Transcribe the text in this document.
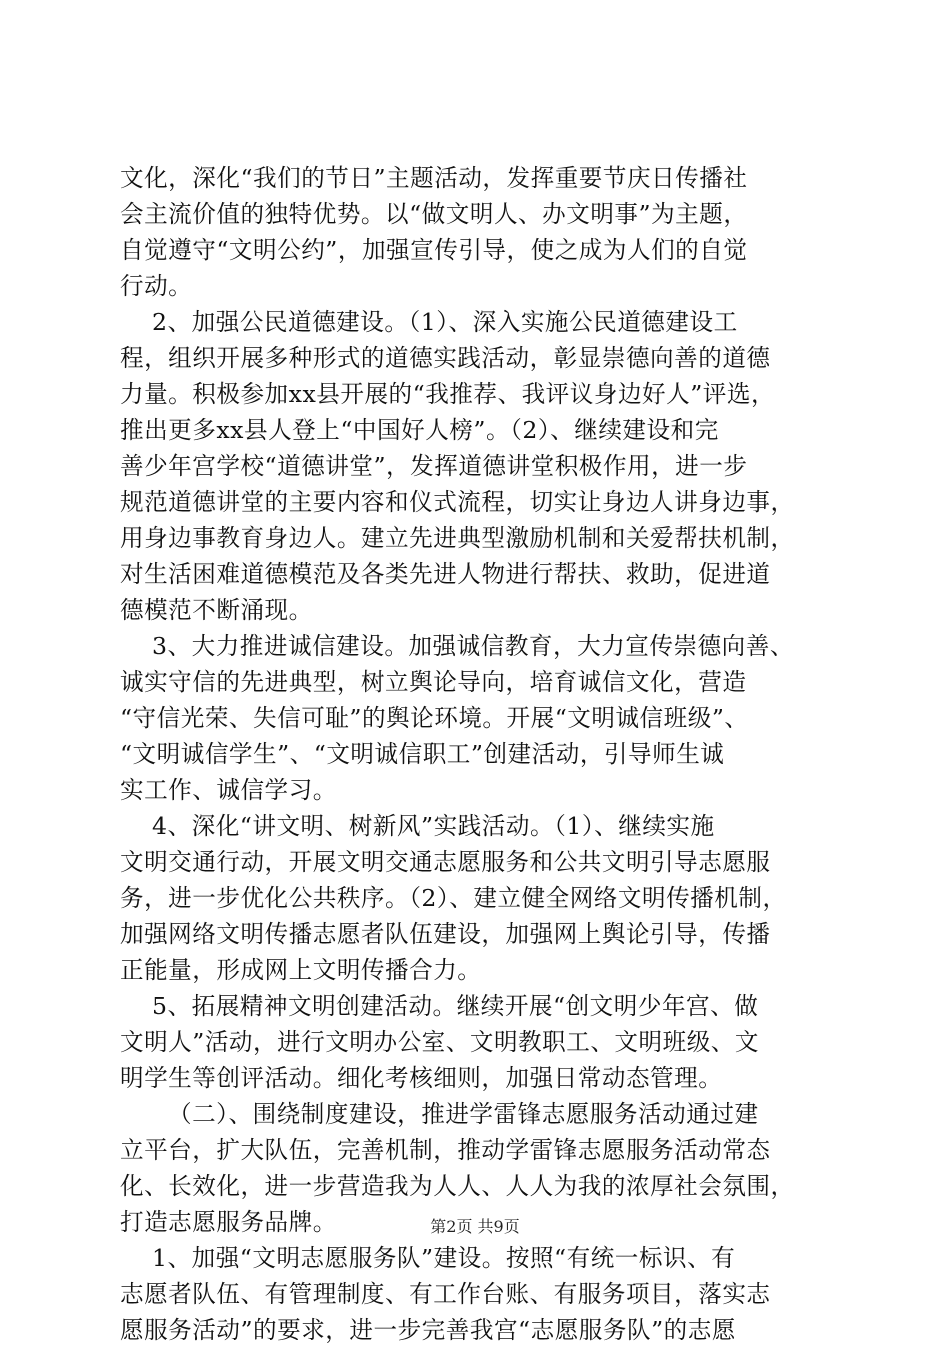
文化，深化“我们的节日”主题活动，发挥重要节庆日传播社
会主流价值的独特优势。以“做文明人、办文明事”为主题，
自觉遵守“文明公约”，加强宣传引导，使之成为人们的自觉
行动。
2、加强公民道德建设。（1）、深入实施公民道德建设工
程，组织开展多种形式的道德实践活动，彰显崇德向善的道德
力量。积极参加xx县开展的“我推荐、我评议身边好人”评选，
推出更多xx县人登上“中国好人榜”。（2）、继续建设和完
善少年宫学校“道德讲堂”，发挥道德讲堂积极作用，进一步
规范道德讲堂的主要内容和仪式流程，切实让身边人讲身边事，
用身边事教育身边人。建立先进典型激励机制和关爱帮扶机制，
对生活困难道德模范及各类先进人物进行帮扶、救助，促进道
德模范不断涌现。
3、大力推进诚信建设。加强诚信教育，大力宣传崇德向善、
诚实守信的先进典型，树立舆论导向，培育诚信文化，营造
“守信光荣、失信可耻”的舆论环境。开展“文明诚信班级”、
“文明诚信学生”、“文明诚信职工”创建活动，引导师生诚
实工作、诚信学习。
4、深化“讲文明、树新风”实践活动。（1）、继续实施
文明交通行动，开展文明交通志愿服务和公共文明引导志愿服
务，进一步优化公共秩序。（2）、建立健全网络文明传播机制，
加强网络文明传播志愿者队伍建设，加强网上舆论引导，传播
正能量，形成网上文明传播合力。
5、拓展精神文明创建活动。继续开展“创文明少年宫、做
文明人”活动，进行文明办公室、文明教职工、文明班级、文
明学生等创评活动。细化考核细则，加强日常动态管理。
（二）、围绕制度建设，推进学雷锋志愿服务活动通过建
立平台，扩大队伍，完善机制，推动学雷锋志愿服务活动常态
化、长效化，进一步营造我为人人、人人为我的浓厚社会氛围，
打造志愿服务品牌。
1、加强“文明志愿服务队”建设。按照“有统一标识、有
志愿者队伍、有管理制度、有工作台账、有服务项目，落实志
愿服务活动”的要求，进一步完善我宫“志愿服务队”的志愿
第2页 共9页
